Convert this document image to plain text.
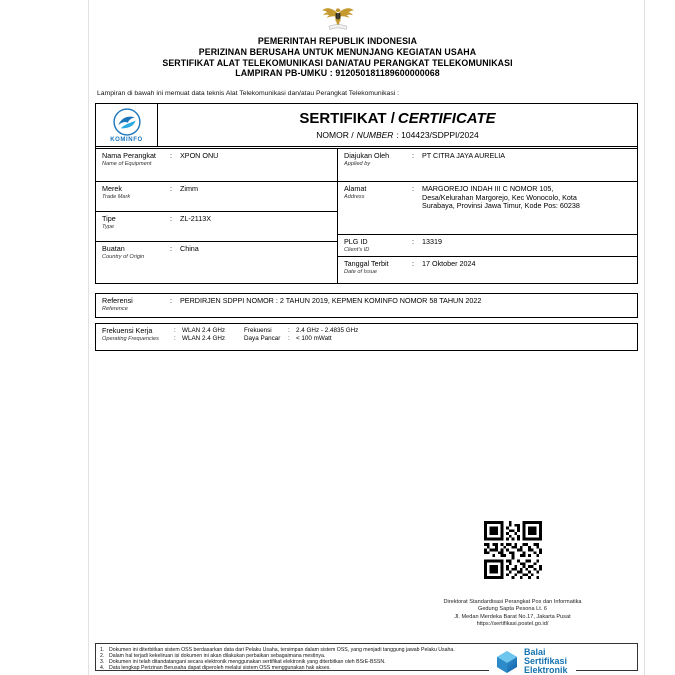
PEMERINTAH REPUBLIK INDONESIA
PERIZINAN BERUSAHA UNTUK MENUNJANG KEGIATAN USAHA
SERTIFIKAT ALAT TELEKOMUNIKASI DAN/ATAU PERANGKAT TELEKOMUNIKASI
LAMPIRAN PB-UMKU : 912050181189600000068
Lampiran di bawah ini memuat data teknis Alat Telekomunikasi dan/atau Perangkat Telekomunikasi :
KOMINFO
SERTIFIKAT / CERTIFICATE
NOMOR / NUMBER : 104423/SDPPI/2024
Nama Perangkat
Name of Equipment
:	XPON ONU
Merek
Trade Mark
:	Zimm
Tipe
Type
:	ZL-2113X
Buatan
Country of Origin
:	China
Diajukan Oleh
Applied by
:	PT CITRA JAYA AURELIA
Alamat
Address
:	MARGOREJO INDAH III C NOMOR 105, Desa/Kelurahan Margorejo, Kec Wonocolo, Kota Surabaya, Provinsi Jawa Timur, Kode Pos: 60238
PLG ID
Client's ID
:	13319
Tanggal Terbit
Date of Issue
:	17 Oktober 2024
Referensi
Reference
:	PERDIRJEN SDPPI NOMOR : 2 TAHUN 2019, KEPMEN KOMINFO NOMOR 58 TAHUN 2022
Frekuensi Kerja
Operating Frequencies
: WLAN 2.4 GHz
: WLAN 2.4 GHz
Frekuensi	: 2.4 GHz - 2.4835 GHz
Daya Pancar	: < 100 mWatt
Direktorat Standardisasi Perangkat Pos dan Informatika
Gedung Sapta Pesona Lt. 6
Jl. Medan Merdeka Barat No.17, Jakarta Pusat
https://sertifikasi.postel.go.id/
1. Dokumen ini diterbitkan sistem OSS berdasarkan data dari Pelaku Usaha, tersimpan dalam sistem OSS, yang menjadi tanggung jawab Pelaku Usaha.
2. Dalam hal terjadi kekeliruan isi dokumen ini akan dilakukan perbaikan sebagaimana mestinya.
3. Dokumen ini telah ditandatangani secara elektronik menggunakan sertifikat elektronik yang diterbitkan oleh BSrE-BSSN.
4. Data lengkap Perizinan Berusaha dapat diperoleh melalui sistem OSS menggunakan hak akses.
Balai
Sertifikasi
Elektronik
